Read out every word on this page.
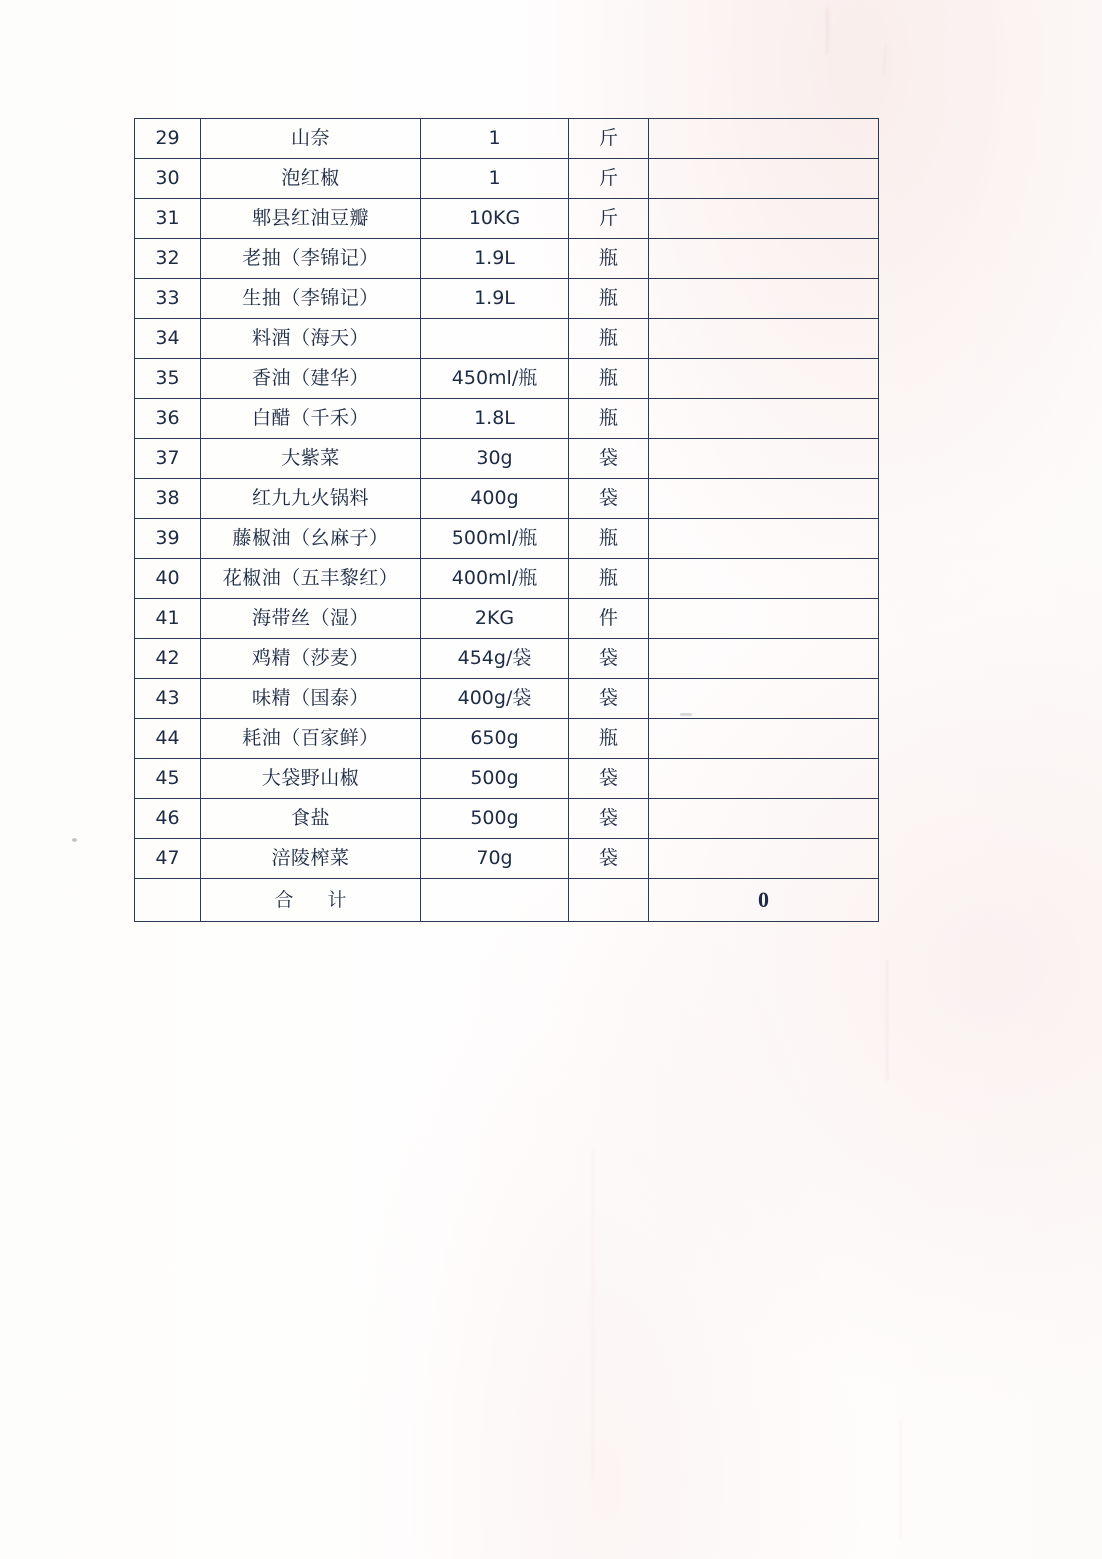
29	山奈	1	斤	
30	泡红椒	1	斤	
31	郫县红油豆瓣	10KG	斤	
32	老抽（李锦记）	1.9L	瓶	
33	生抽（李锦记）	1.9L	瓶	
34	料酒（海天）		瓶	
35	香油（建华）	450ml/瓶	瓶	
36	白醋（千禾）	1.8L	瓶	
37	大紫菜	30g	袋	
38	红九九火锅料	400g	袋	
39	藤椒油（幺麻子）	500ml/瓶	瓶	
40	花椒油（五丰黎红）	400ml/瓶	瓶	
41	海带丝（湿）	2KG	件	
42	鸡精（莎麦）	454g/袋	袋	
43	味精（国泰）	400g/袋	袋	
44	耗油（百家鲜）	650g	瓶	
45	大袋野山椒	500g	袋	
46	食盐	500g	袋	
47	涪陵榨菜	70g	袋	
	合 计			0
